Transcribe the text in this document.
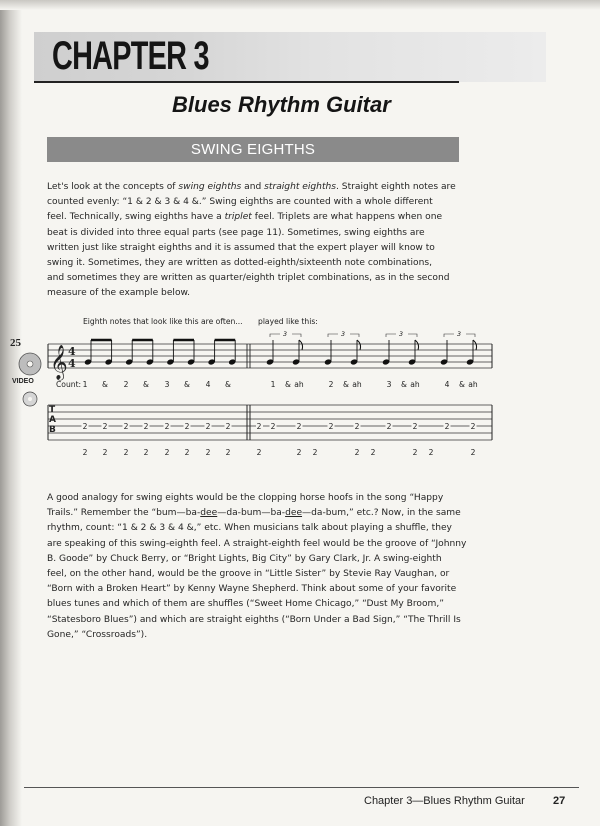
CHAPTER 3
Blues Rhythm Guitar
SWING EIGHTHS
Let's look at the concepts of swing eighths and straight eighths. Straight eighth notes are
counted evenly: “1 & 2 & 3 & 4 &.” Swing eighths are counted with a whole different
feel. Technically, swing eighths have a triplet feel. Triplets are what happens when one
beat is divided into three equal parts (see page 11). Sometimes, swing eighths are
written just like straight eighths and it is assumed that the expert player will know to
swing it. Sometimes, they are written as dotted-eighth/sixteenth note combinations,
and sometimes they are written as quarter/eighth triplet combinations, as in the second
measure of the example below.
25
VIDEO
Eighth notes that look like this are often... played like this:
𝄞 4
4
T
A
B
3	3	3	3
Count: 1 & 2 & 3 & 4 &	1 & ah	2 & ah	3 & ah	4 & ah
2 2 2 2 2 2 2 2	2	2	2	2	2	2	2	2
2
2 2 2 2 2 2 2 2	2	2 2	2 2	2 2	2
A good analogy for swing eights would be the clopping horse hoofs in the song “Happy
Trails.” Remember the “bum—ba-dee—da-bum—ba-dee—da-bum,” etc.? Now, in the same
rhythm, count: “1 & 2 & 3 & 4 &,” etc. When musicians talk about playing a shuffle, they
are speaking of this swing-eighth feel. A straight-eighth feel would be the groove of “Johnny
B. Goode” by Chuck Berry, or “Bright Lights, Big City” by Gary Clark, Jr. A swing-eighth
feel, on the other hand, would be the groove in “Little Sister” by Stevie Ray Vaughan, or
“Born with a Broken Heart” by Kenny Wayne Shepherd. Think about some of your favorite
blues tunes and which of them are shuffles (“Sweet Home Chicago,” “Dust My Broom,”
“Statesboro Blues”) and which are straight eighths (“Born Under a Bad Sign,” “The Thrill Is
Gone,” “Crossroads”).
Chapter 3—Blues Rhythm Guitar	27
